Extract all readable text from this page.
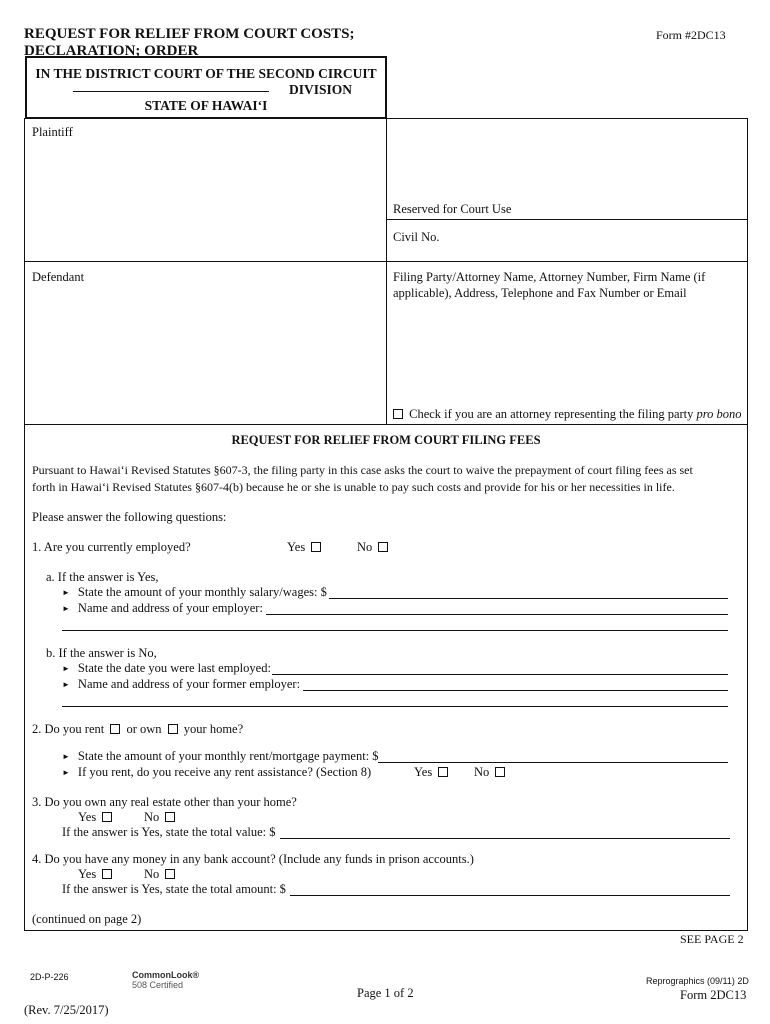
REQUEST FOR RELIEF FROM COURT COSTS;
DECLARATION; ORDER
Form #2DC13
IN THE DISTRICT COURT OF THE SECOND CIRCUIT
DIVISION
STATE OF HAWAI‘I
Plaintiff
Defendant
Reserved for Court Use
Civil No.
Filing Party/Attorney Name, Attorney Number, Firm Name (if
applicable), Address, Telephone and Fax Number or Email
Check if you are an attorney representing the filing party pro bono
REQUEST FOR RELIEF FROM COURT FILING FEES
Pursuant to Hawai‘i Revised Statutes §607-3, the filing party in this case asks the court to waive the prepayment of court filing fees as set
forth in Hawai‘i Revised Statutes §607-4(b) because he or she is unable to pay such costs and provide for his or her necessities in life.
Please answer the following questions:
1. Are you currently employed?	Yes	No
a. If the answer is Yes,
► State the amount of your monthly salary/wages: $
► Name and address of your employer:
b. If the answer is No,
► State the date you were last employed:
► Name and address of your former employer:
2. Do you rent or own your home?
► State the amount of your monthly rent/mortgage payment: $
► If you rent, do you receive any rent assistance? (Section 8)	Yes	No
3. Do you own any real estate other than your home?
Yes	No
If the answer is Yes, state the total value: $
4. Do you have any money in any bank account? (Include any funds in prison accounts.)
Yes	No
If the answer is Yes, state the total amount: $
(continued on page 2)
SEE PAGE 2
2D-P-226	CommonLook®
508 Certified	Reprographics (09/11) 2D
(Rev. 7/25/2017)
Page 1 of 2	Form 2DC13
